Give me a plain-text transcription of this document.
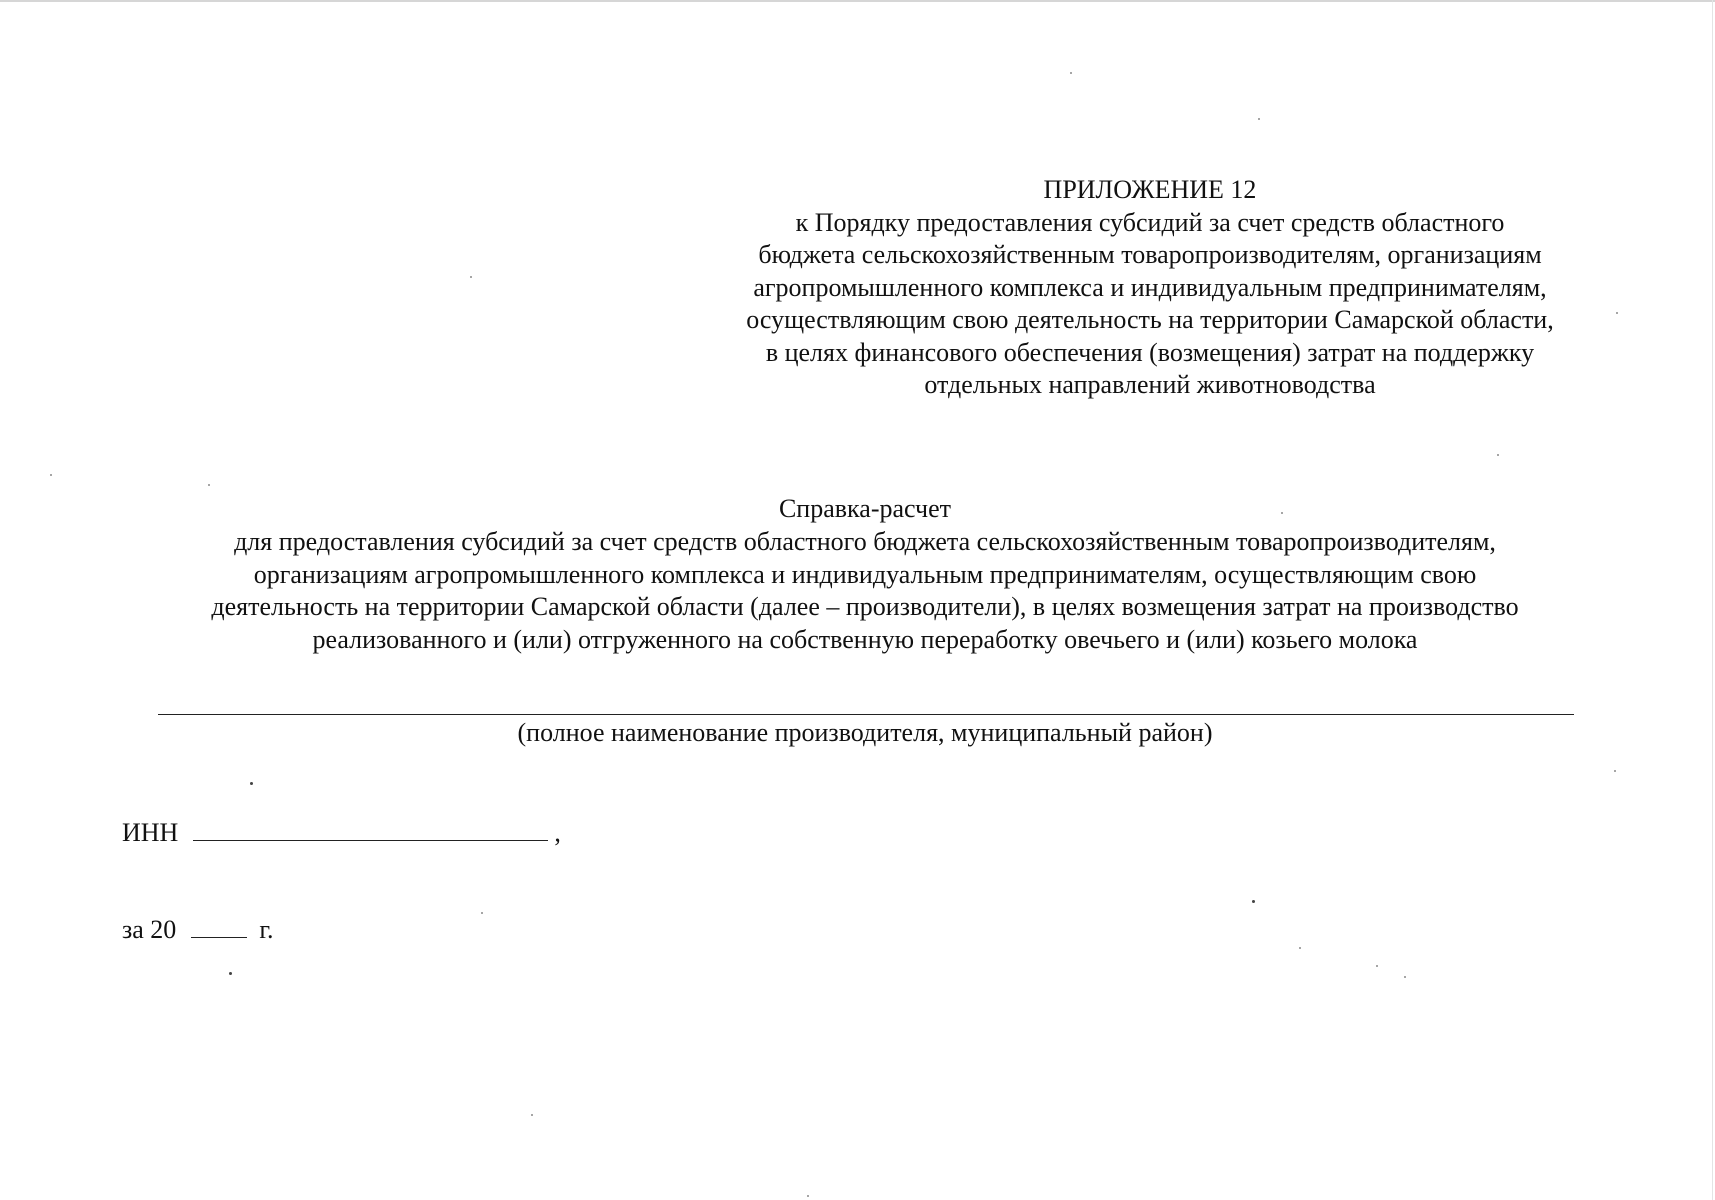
ПРИЛОЖЕНИЕ 12
к Порядку предоставления субсидий за счет средств областного
бюджета сельскохозяйственным товаропроизводителям, организациям
агропромышленного комплекса и индивидуальным предпринимателям,
осуществляющим свою деятельность на территории Самарской области,
в целях финансового обеспечения (возмещения) затрат на поддержку
отдельных направлений животноводства
Справка-расчет
для предоставления субсидий за счет средств областного бюджета сельскохозяйственным товаропроизводителям,
организациям агропромышленного комплекса и индивидуальным предпринимателям, осуществляющим свою
деятельность на территории Самарской области (далее – производители), в целях возмещения затрат на производство
реализованного и (или) отгруженного на собственную переработку овечьего и (или) козьего молока
(полное наименование производителя, муниципальный район)
ИНН	,
за 20	г.
